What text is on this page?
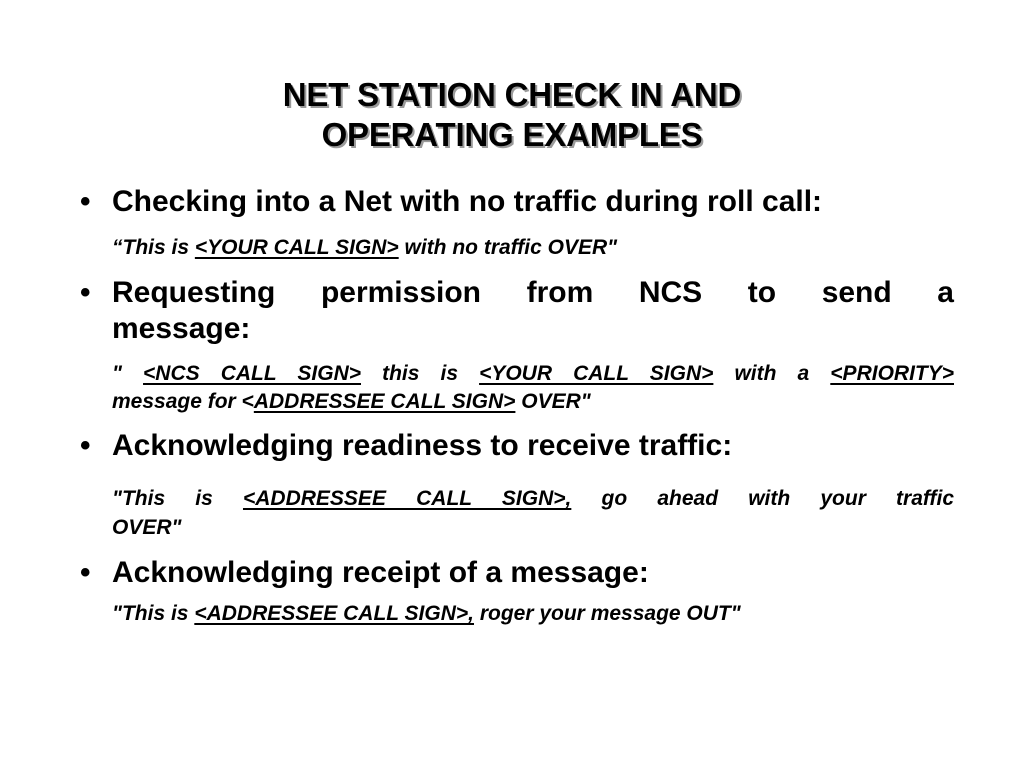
NET STATION CHECK IN AND
OPERATING EXAMPLES
• Checking into a Net with no traffic during roll call:
“This is <YOUR CALL SIGN> with no traffic OVER"
• Requesting permission from NCS to send a
message:
" <NCS CALL SIGN> this is <YOUR CALL SIGN> with a <PRIORITY>
message for <ADDRESSEE CALL SIGN> OVER"
• Acknowledging readiness to receive traffic:
"This is <ADDRESSEE CALL SIGN>, go ahead with your traffic
OVER"
• Acknowledging receipt of a message:
"This is <ADDRESSEE CALL SIGN>, roger your message OUT"
